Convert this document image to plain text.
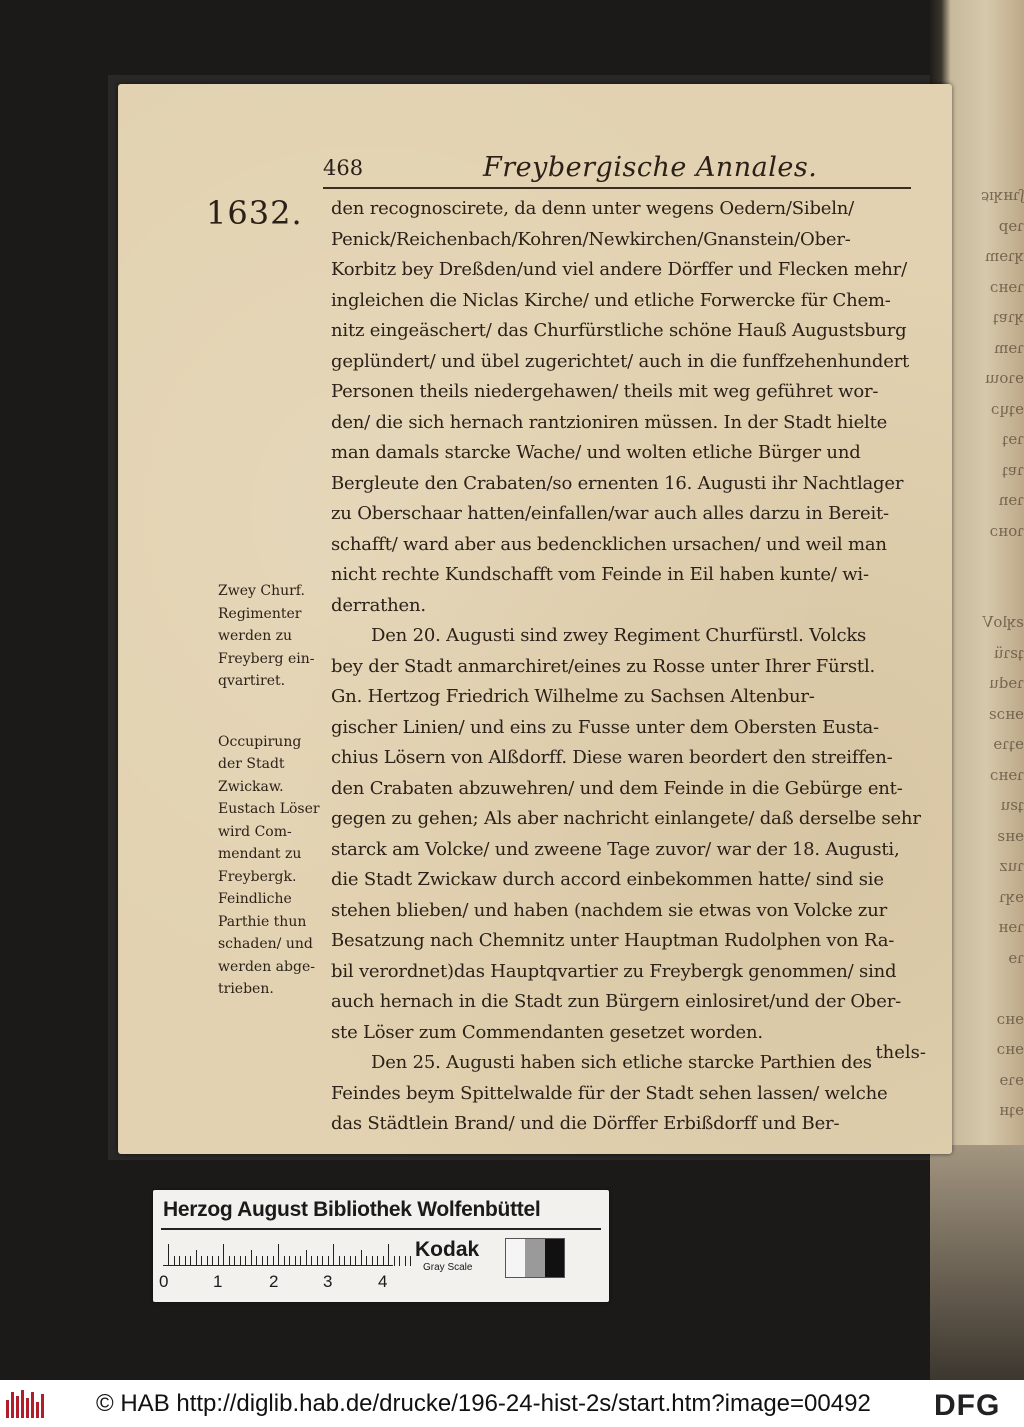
468	Freybergische Annales.
1632. den recognoscirete, da denn unter wegens Oedern/Sibeln/
Penick/Reichenbach/Kohren/Newkirchen/Gnanstein/Ober-
Korbitz bey Dreßden/und viel andere Dörffer und Flecken mehr/
ingleichen die Niclas Kirche/ und etliche Forwercke für Chem-
nitz eingeäschert/ das Churfürstliche schöne Hauß Augustsburg
geplündert/ und übel zugerichtet/ auch in die funffzehenhundert
Personen theils niedergehawen/ theils mit weg geführet wor-
den/ die sich hernach rantzioniren müssen. In der Stadt hielte
man damals starcke Wache/ und wolten etliche Bürger und
Bergleute den Crabaten/so ernenten 16. Augusti ihr Nachtlager
zu Oberschaar hatten/einfallen/war auch alles darzu in Bereit-
schafft/ ward aber aus bedencklichen ursachen/ und weil man
nicht rechte Kundschafft vom Feinde in Eil haben kunte/ wi-
derrathen.
Den 20. Augusti sind zwey Regiment Churfürstl. Volcks
bey der Stadt anmarchiret/eines zu Rosse unter Ihrer Fürstl.
Gn. Hertzog Friedrich Wilhelme zu Sachsen Altenbur-
gischer Linien/ und eins zu Fusse unter dem Obersten Eusta-
chius Lösern von Alßdorff. Diese waren beordert den streiffen-
den Crabaten abzuwehren/ und dem Feinde in die Gebürge ent-
gegen zu gehen; Als aber nachricht einlangete/ daß derselbe sehr
starck am Volcke/ und zweene Tage zuvor/ war der 18. Augusti,
die Stadt Zwickaw durch accord einbekommen hatte/ sind sie
stehen blieben/ und haben (nachdem sie etwas von Volcke zur
Besatzung nach Chemnitz unter Hauptman Rudolphen von Ra-
bil verordnet)das Hauptqvartier zu Freybergk genommen/ sind
auch hernach in die Stadt zun Bürgern einlosiret/und der Ober-
ste Löser zum Commendanten gesetzet worden.
Den 25. Augusti haben sich etliche starcke Parthien des
Feindes beym Spittelwalde für der Stadt sehen lassen/ welche
das Städtlein Brand/ und die Dörffer Erbißdorff und Ber-
thels-
Zwey Churf.
Regimenter
werden zu
Freyberg ein-
qvartiret.
Occupirung
der Stadt
Zwickaw.
Eustach Löser
wird Com-
mendant zu
Freybergk.
Feindliche
Parthie thun
schaden/ und
werden abge-
trieben.
ʃɿʜʞɪɕ
ɿɘp
ʞɿɘm
ɿɘʜɔ
ʞɿɐʇ
ɿɘm
ɘɿoɯ
ɘʇɥɔ
ɿɘʇ
ɿɐʇ
ɿɘn
ɿoʜɔ
ƨʞloV
ʇƨɿü
ɿɘdu
ɘʜɔƨ
ɘʇɿɘ
ɿɘʜɔ
ʇƨu
ɘʜƨ
ɿuz
ɘʞɿ
ɿɘʜ
ɿɘ
ɘʜɔ
ɘʜɔ
ɘɿɘ
ɘʇʜ
Herzog August Bibliothek Wolfenbüttel
0	1	2	3	4
Kodak
Gray Scale
© HAB http://diglib.hab.de/drucke/196-24-hist-2s/start.htm?image=00492 DFG
